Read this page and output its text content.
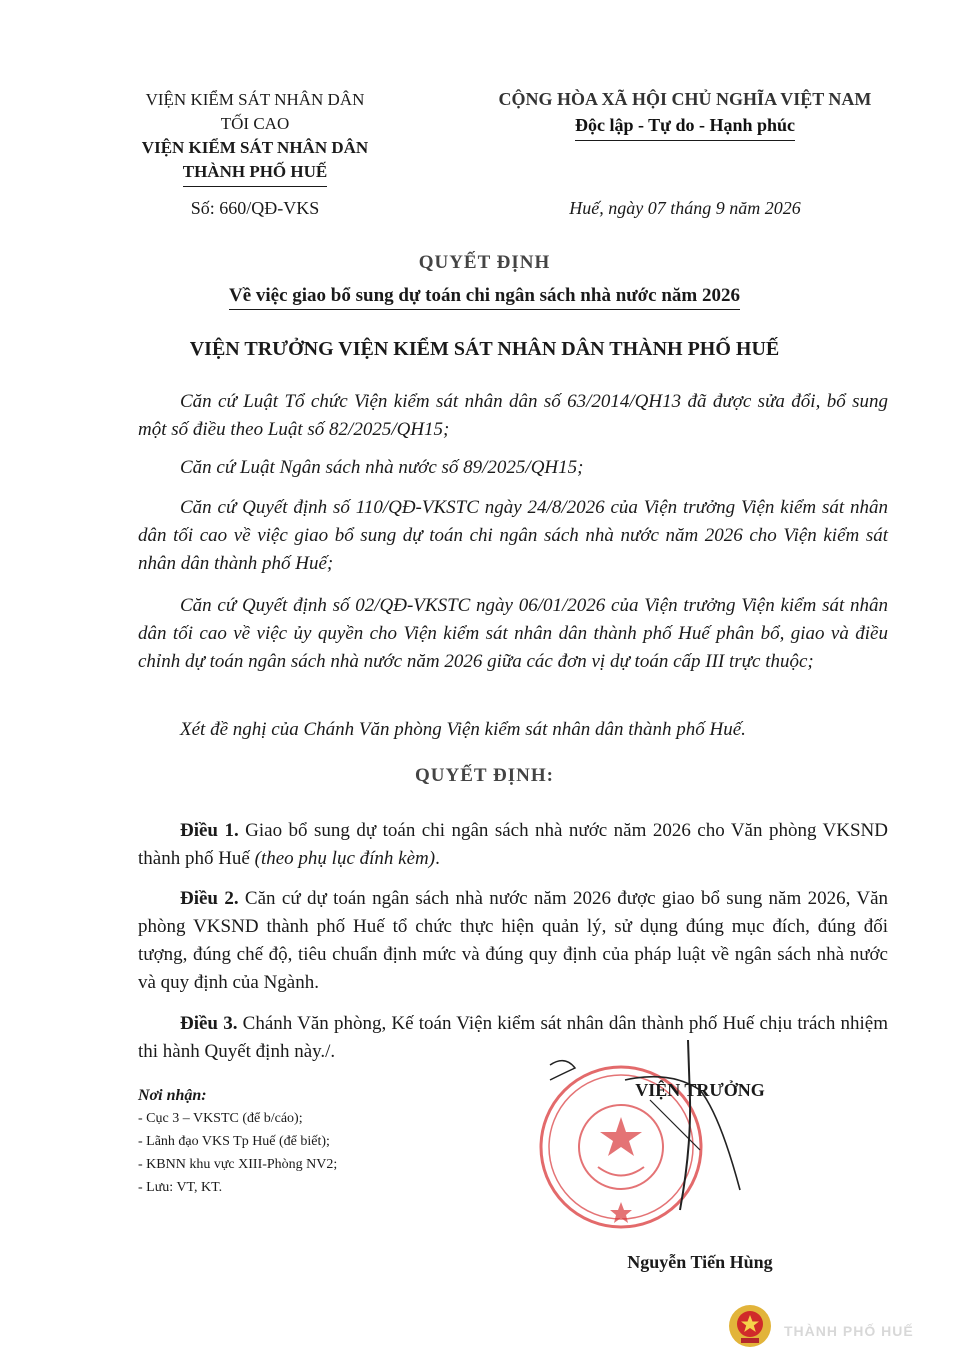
VIỆN KIỂM SÁT NHÂN DÂN
TỐI CAO
VIỆN KIỂM SÁT NHÂN DÂN
THÀNH PHỐ HUẾ
Số: 660/QĐ-VKS
CỘNG HÒA XÃ HỘI CHỦ NGHĨA VIỆT NAM
Độc lập - Tự do - Hạnh phúc
Huế, ngày 07 tháng 9 năm 2026
QUYẾT ĐỊNH
Về việc giao bổ sung dự toán chi ngân sách nhà nước năm 2026
VIỆN TRƯỞNG VIỆN KIỂM SÁT NHÂN DÂN THÀNH PHỐ HUẾ
Căn cứ Luật Tổ chức Viện kiểm sát nhân dân số 63/2014/QH13 đã được sửa đổi, bổ sung một số điều theo Luật số 82/2025/QH15;
Căn cứ Luật Ngân sách nhà nước số 89/2025/QH15;
Căn cứ Quyết định số 110/QĐ-VKSTC ngày 24/8/2026 của Viện trưởng Viện kiểm sát nhân dân tối cao về việc giao bổ sung dự toán chi ngân sách nhà nước năm 2026 cho Viện kiểm sát nhân dân thành phố Huế;
Căn cứ Quyết định số 02/QĐ-VKSTC ngày 06/01/2026 của Viện trưởng Viện kiểm sát nhân dân tối cao về việc ủy quyền cho Viện kiểm sát nhân dân thành phố Huế phân bổ, giao và điều chỉnh dự toán ngân sách nhà nước năm 2026 giữa các đơn vị dự toán cấp III trực thuộc;
Xét đề nghị của Chánh Văn phòng Viện kiểm sát nhân dân thành phố Huế.
QUYẾT ĐỊNH:
Điều 1. Giao bổ sung dự toán chi ngân sách nhà nước năm 2026 cho Văn phòng VKSND thành phố Huế (theo phụ lục đính kèm).
Điều 2. Căn cứ dự toán ngân sách nhà nước năm 2026 được giao bổ sung năm 2026, Văn phòng VKSND thành phố Huế tổ chức thực hiện quản lý, sử dụng đúng mục đích, đúng đối tượng, đúng chế độ, tiêu chuẩn định mức và đúng quy định của pháp luật về ngân sách nhà nước và quy định của Ngành.
Điều 3. Chánh Văn phòng, Kế toán Viện kiểm sát nhân dân thành phố Huế chịu trách nhiệm thi hành Quyết định này./.
Nơi nhận:
- Cục 3 – VKSTC (để b/cáo);
- Lãnh đạo VKS Tp Huế (để biết);
- KBNN khu vực XIII-Phòng NV2;
- Lưu: VT, KT.
VIỆN TRƯỞNG
Nguyễn Tiến Hùng
THÀNH PHỐ HUẾ
